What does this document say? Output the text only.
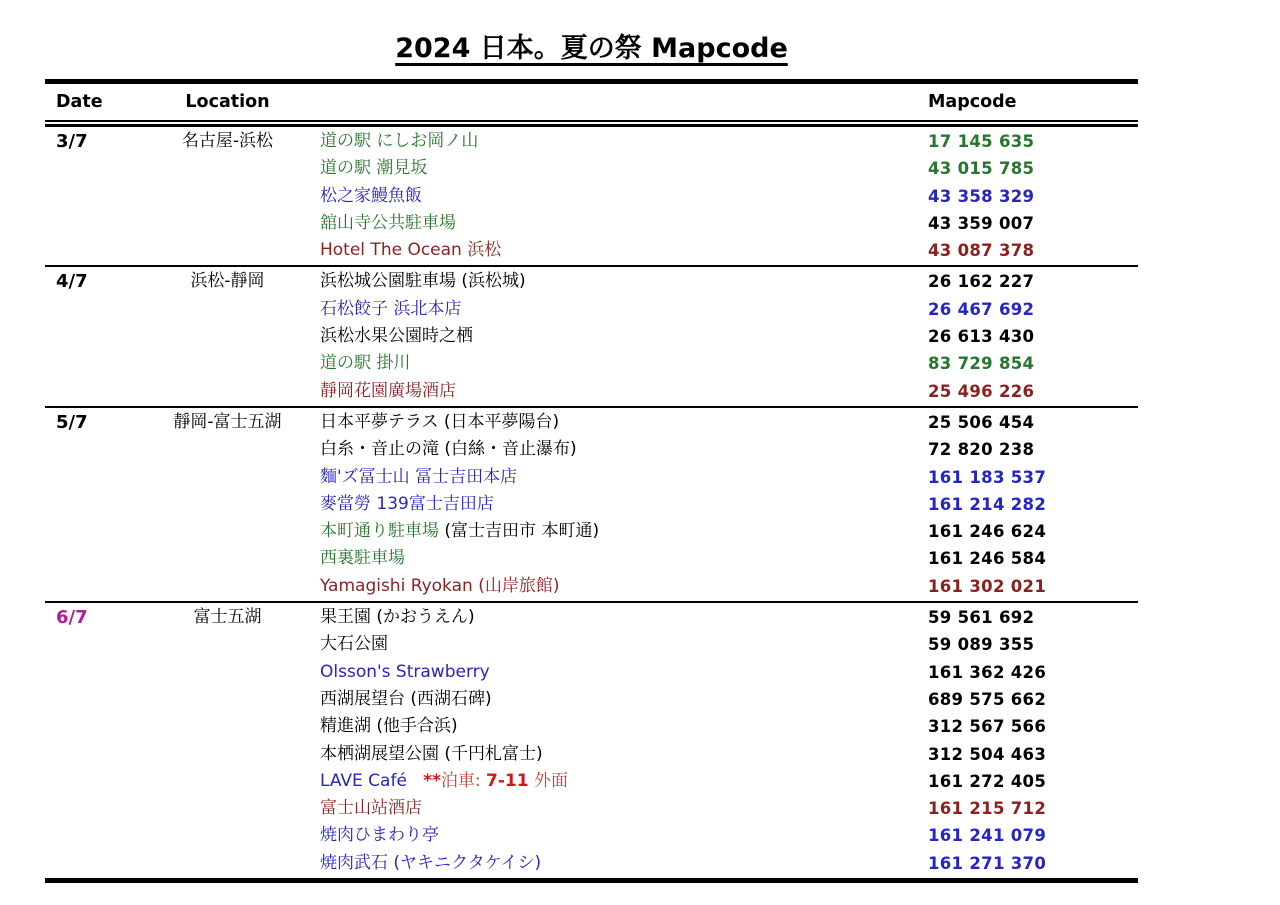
2024 日本。夏の祭 Mapcode
Date	Location	Mapcode
3/7	名古屋-浜松	道の駅 にしお岡ノ山	17 145 635
道の駅 潮見坂	43 015 785
松之家鰻魚飯	43 358 329
舘山寺公共駐車場	43 359 007
Hotel The Ocean 浜松	43 087 378
4/7	浜松-靜岡	浜松城公園駐車場 (浜松城)	26 162 227
石松餃子 浜北本店	26 467 692
浜松水果公園時之栖	26 613 430
道の駅 掛川	83 729 854
靜岡花園廣場酒店	25 496 226
5/7	靜岡-富士五湖	日本平夢テラス (日本平夢陽台)	25 506 454
白糸・音止の滝 (白絲・音止瀑布)	72 820 238
麵'ズ冨士山 冨士吉田本店	161 183 537
麥當勞 139富士吉田店	161 214 282
本町通り駐車場 (富士吉田市 本町通)	161 246 624
西裏駐車場	161 246 584
Yamagishi Ryokan (山岸旅館)	161 302 021
6/7	富士五湖	果王園 (かおうえん)	59 561 692
大石公園	59 089 355
Olsson's Strawberry	161 362 426
西湖展望台 (西湖石碑)	689 575 662
精進湖 (他手合浜)	312 567 566
本栖湖展望公園 (千円札富士)	312 504 463
LAVE Café   **泊車: 7-11 外面	161 272 405
富士山站酒店	161 215 712
焼肉ひまわり亭	161 241 079
焼肉武石 (ヤキニクタケイシ)	161 271 370
